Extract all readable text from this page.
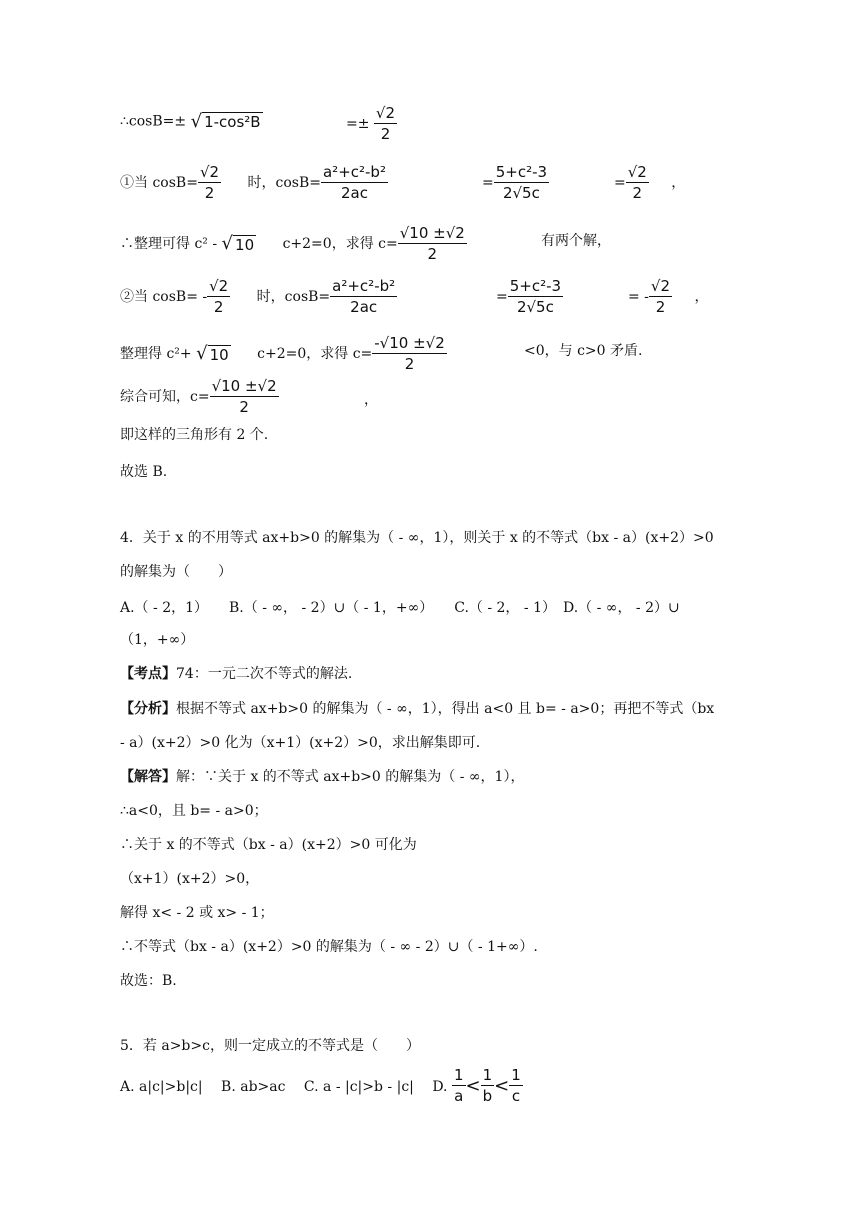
∴cosB=± √ 1-cos²B	=± $\frac{√2}{2}$
①当 $\cos B= \frac{√2}{2}$ 时，$\cos B= \frac{\text{a²+c²-b²}}{2ac}$	= $\frac{\text{5+c²-3}}{2√5c}$	= $\frac{√2}{2}$ ，
∴整理可得 c² - √ 10 c+2=0，求得 $c= \frac{√10 \pm√2}{2}$	有两个解，
②当 $\cos B= - \frac{√2}{2}$ 时，$\cos B= \frac{\text{a²+c²-b²}}{2ac}$	= $\frac{\text{5+c²-3}}{2√5c}$	= - $\frac{√2}{2}$ ，
整理得 c²+ √ 10 c+2=0，求得 $c= \frac{-√10 \pm√2}{2}$	<0，与 c>0 矛盾.
综合可知，$c= \frac{√10 \pm√2}{2}$	，
即这样的三角形有 2 个.
故选 B.
4．关于 x 的不用等式 ax+b>0 的解集为（ - ∞，1），则关于 x 的不等式（bx - a）(x+2）>0
的解集为（　　）
A.（ - 2，1）　　B.（ - ∞， - 2）∪（ - 1，+∞）　　C.（ - 2， - 1）　D.（ - ∞， - 2）∪
（1，+∞）
【考点】74：一元二次不等式的解法.
【分析】根据不等式 ax+b>0 的解集为（ - ∞，1），得出 a<0 且 b= - a>0；再把不等式（bx
- a）(x+2）>0 化为（x+1）(x+2）>0，求出解集即可.
【解答】解：∵关于 x 的不等式 ax+b>0 的解集为（ - ∞，1），
∴a<0，且 b= - a>0；
∴关于 x 的不等式（bx - a）(x+2）>0 可化为
（x+1）(x+2）>0，
解得 x< - 2 或 x> - 1；
∴不等式（bx - a）(x+2）>0 的解集为（ - ∞ - 2）∪（ - 1+∞）.
故选：B.
5．若 a>b>c，则一定成立的不等式是（　　）
A. a|c|>b|c|　 B. ab>ac　 C. a - |c|>b - |c|　 D. $\frac{1}{a} < \frac{1}{b} < \frac{1}{c}$
